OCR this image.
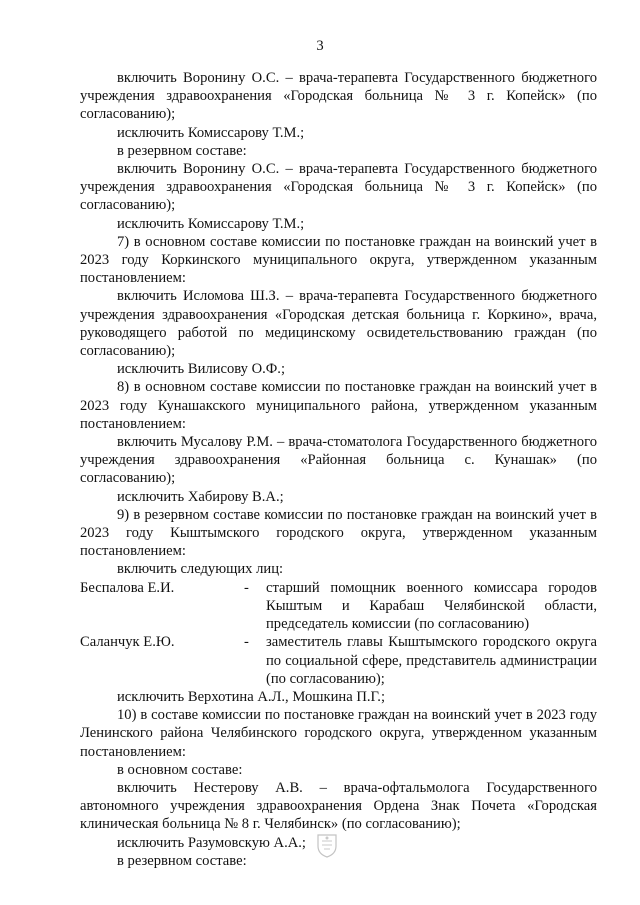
3

включить Воронину О.С. – врача-терапевта Государственного бюджетного учреждения здравоохранения «Городская больница № 3 г. Копейск» (по согласованию);

исключить Комиссарову Т.М.;

в резервном составе:

включить Воронину О.С. – врача-терапевта Государственного бюджетного учреждения здравоохранения «Городская больница № 3 г. Копейск» (по согласованию);

исключить Комиссарову Т.М.;

7) в основном составе комиссии по постановке граждан на воинский учет в 2023 году Коркинского муниципального округа, утвержденном указанным постановлением:

включить Исломова Ш.З. – врача-терапевта Государственного бюджетного учреждения здравоохранения «Городская детская больница г. Коркино», врача, руководящего работой по медицинскому освидетельствованию граждан (по согласованию);

исключить Вилисову О.Ф.;

8) в основном составе комиссии по постановке граждан на воинский учет в 2023 году Кунашакского муниципального района, утвержденном указанным постановлением:

включить Мусалову Р.М. – врача-стоматолога Государственного бюджетного учреждения здравоохранения «Районная больница с. Кунашак» (по согласованию);

исключить Хабирову В.А.;

9) в резервном составе комиссии по постановке граждан на воинский учет в 2023 году Кыштымского городского округа, утвержденном указанным постановлением:

включить следующих лиц:

Беспалова Е.И.	-	старший помощник военного комиссара городов Кыштым и Карабаш Челябинской области, председатель комиссии (по согласованию)
Саланчук Е.Ю.	-	заместитель главы Кыштымского городского округа по социальной сфере, представитель администрации (по согласованию);

исключить Верхотина А.Л., Мошкина П.Г.;

10) в составе комиссии по постановке граждан на воинский учет в 2023 году Ленинского района Челябинского городского округа, утвержденном указанным постановлением:

в основном составе:

включить Нестерову А.В. – врача-офтальмолога Государственного автономного учреждения здравоохранения Ордена Знак Почета «Городская клиническая больница № 8 г. Челябинск» (по согласованию);

исключить Разумовскую А.А.;

в резервном составе:
